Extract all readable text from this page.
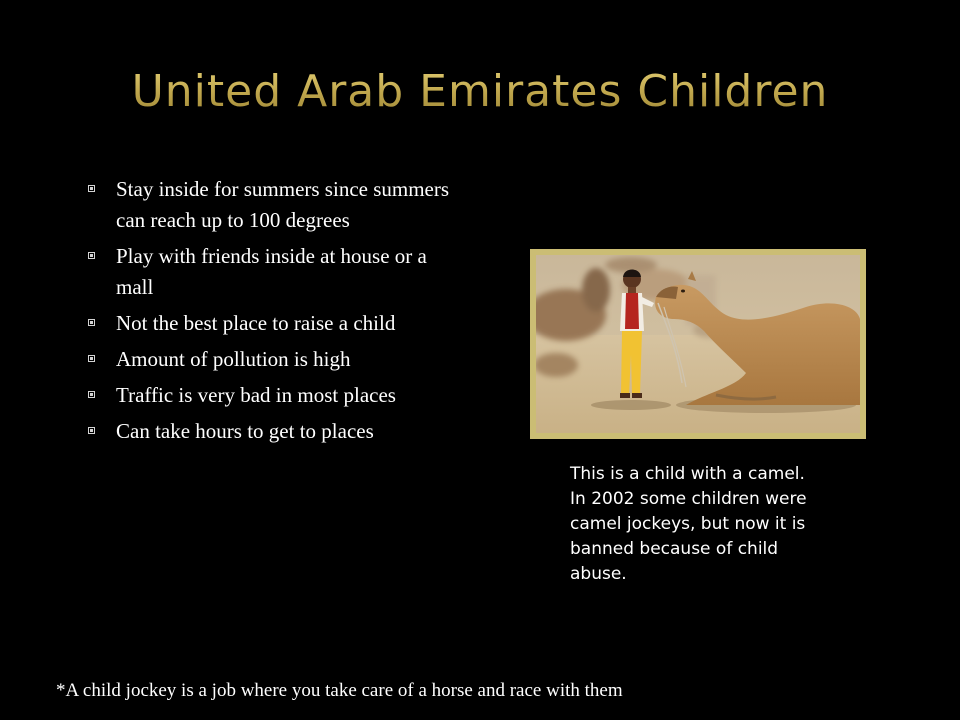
United Arab Emirates Children
Stay inside for summers since summers can reach up to 100 degrees
Play with friends inside at house or a mall
Not the best place to raise a child
Amount of pollution is high
Traffic is very bad in most places
Can take hours to get to places
This is a child with a camel. In 2002 some children were camel jockeys, but now it is banned because of child abuse.
*A child jockey is a job where you take care of a horse and race with them
